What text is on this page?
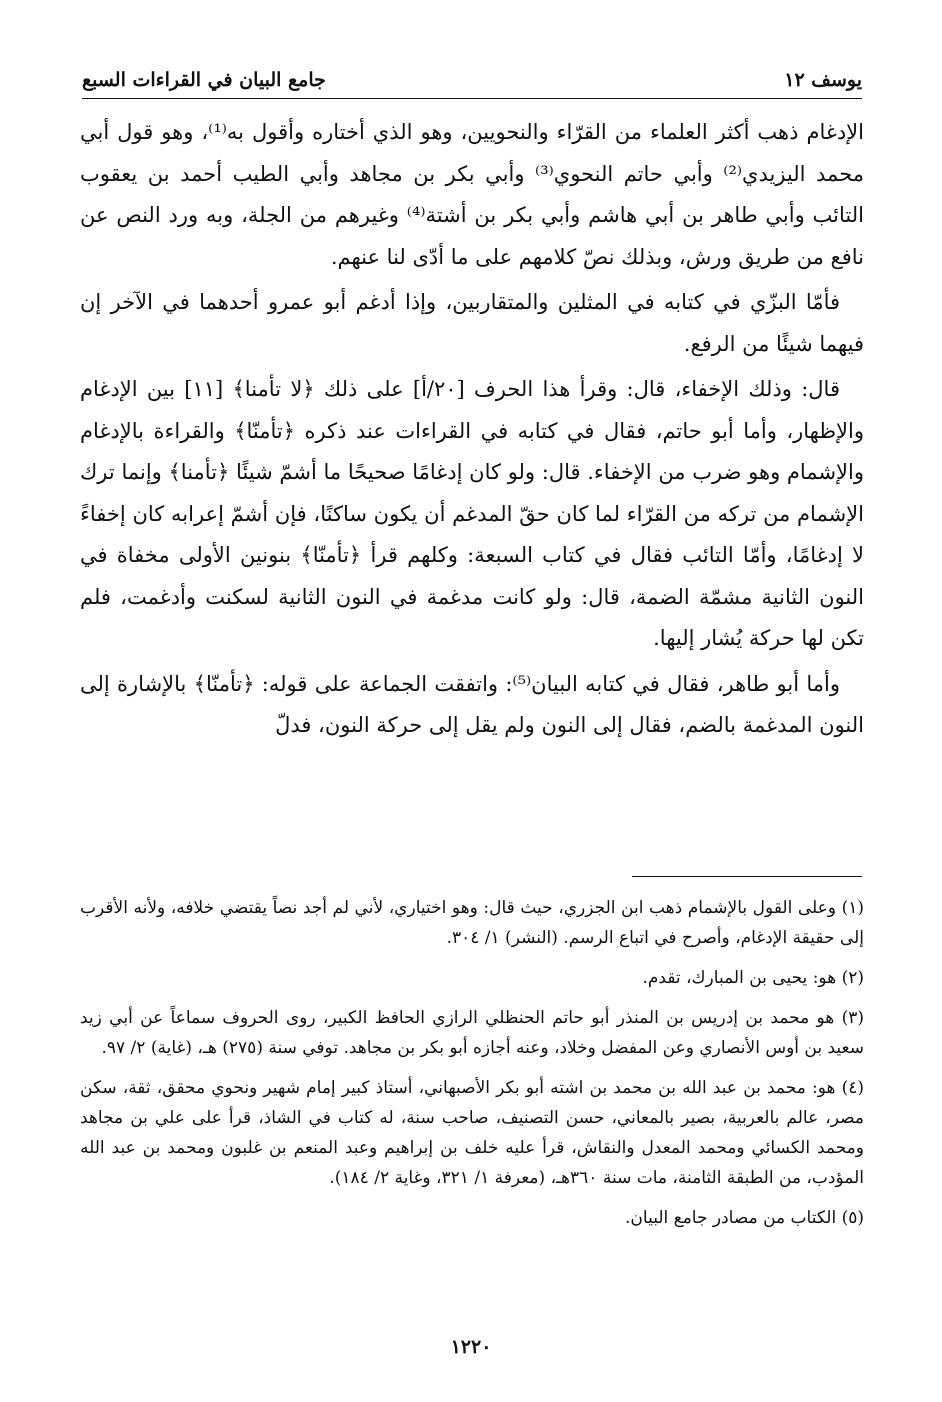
جامع البيان في القراءات السبع	يوسف ١٢

الإدغام ذهب أكثر العلماء من القرّاء والنحويين، وهو الذي أختاره وأقول به⁽¹⁾، وهو قول أبي محمد اليزيدي⁽²⁾ وأبي حاتم النحوي⁽³⁾ وأبي بكر بن مجاهد وأبي الطيب أحمد بن يعقوب التائب وأبي طاهر بن أبي هاشم وأبي بكر بن أشتة⁽⁴⁾ وغيرهم من الجلة، وبه ورد النص عن نافع من طريق ورش، وبذلك نصّ كلامهم على ما أدّى لنا عنهم.

فأمّا البزّي في كتابه في المثلين والمتقاربين، وإذا أدغم أبو عمرو أحدهما في الآخر إن فيهما شيئًا من الرفع.

قال: وذلك الإخفاء، قال: وقرأ هذا الحرف [٢٠/أ] على ذلك ﴿لا تأمنا﴾ [١١] بين الإدغام والإظهار، وأما أبو حاتم، فقال في كتابه في القراءات عند ذكره ﴿تأمنّا﴾ والقراءة بالإدغام والإشمام وهو ضرب من الإخفاء. قال: ولو كان إدغامًا صحيحًا ما أشمّ شيئًا ﴿تأمنا﴾ وإنما ترك الإشمام من تركه من القرّاء لما كان حقّ المدغم أن يكون ساكنًا، فإن أشمّ إعرابه كان إخفاءً لا إدغامًا، وأمّا التائب فقال في كتاب السبعة: وكلهم قرأ ﴿تأمنّا﴾ بنونين الأولى مخفاة في النون الثانية مشمّة الضمة، قال: ولو كانت مدغمة في النون الثانية لسكنت وأدغمت، فلم تكن لها حركة يُشار إليها.

وأما أبو طاهر، فقال في كتابه البيان⁽⁵⁾: واتفقت الجماعة على قوله: ﴿تأمنّا﴾ بالإشارة إلى النون المدغمة بالضم، فقال إلى النون ولم يقل إلى حركة النون، فدلّ

(١) وعلى القول بالإشمام ذهب ابن الجزري، حيث قال: وهو اختياري، لأني لم أجد نصاً يقتضي خلافه، ولأنه الأقرب إلى حقيقة الإدغام، وأصرح في اتباع الرسم. (النشر) ١/ ٣٠٤.
(٢) هو: يحيى بن المبارك، تقدم.
(٣) هو محمد بن إدريس بن المنذر أبو حاتم الحنظلي الرازي الحافظ الكبير، روى الحروف سماعاً عن أبي زيد سعيد بن أوس الأنصاري وعن المفضل وخلاد، وعنه أجازه أبو بكر بن مجاهد. توفي سنة (٢٧٥) هـ، (غاية) ٢/ ٩٧.
(٤) هو: محمد بن عبد الله بن محمد بن اشته أبو بكر الأصبهاني، أستاذ كبير إمام شهير ونحوي محقق، ثقة، سكن مصر، عالم بالعربية، بصير بالمعاني، حسن التصنيف، صاحب سنة، له كتاب في الشاذ، قرأ على علي بن مجاهد ومحمد الكسائي ومحمد المعدل والنقاش، قرأ عليه خلف بن إبراهيم وعبد المنعم بن غلبون ومحمد بن عبد الله المؤدب، من الطبقة الثامنة، مات سنة ٣٦٠هـ، (معرفة ١/ ٣٢١، وغاية ٢/ ١٨٤).
(٥) الكتاب من مصادر جامع البيان.
١٢٢٠
